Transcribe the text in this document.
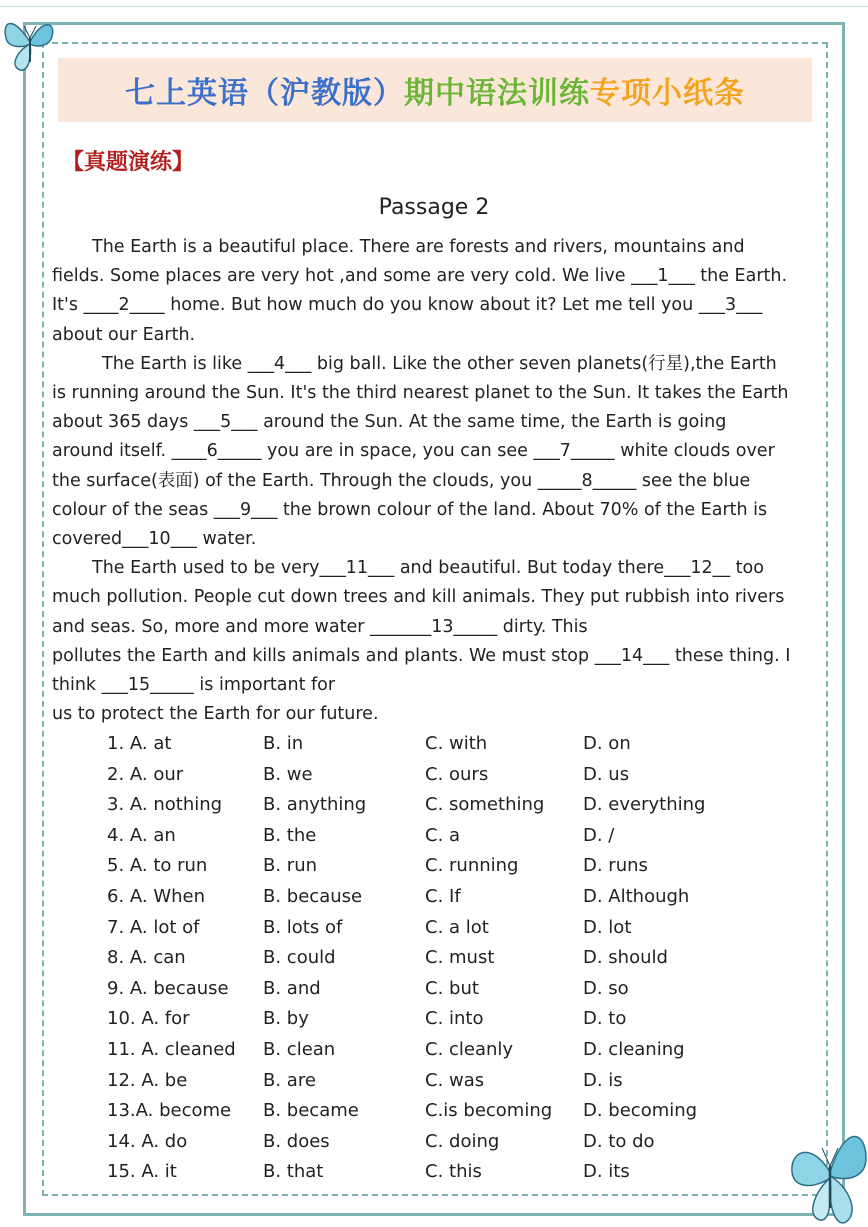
七上英语（沪教版） 期中语法训练 专项小纸条
【真题演练】
Passage 2

The Earth is a beautiful place. There are forests and rivers, mountains and

fields. Some places are very hot ,and some are very cold. We live ___1___ the Earth.

It's ____2____ home. But how much do you know about it? Let me tell you ___3___

about our Earth.

The Earth is like ___4___ big ball. Like the other seven planets(行星),the Earth

is running around the Sun. It's the third nearest planet to the Sun. It takes the Earth

about 365 days ___5___ around the Sun. At the same time, the Earth is going

around itself. ____6_____ you are in space, you can see ___7_____ white clouds over

the surface(表面) of the Earth. Through the clouds, you _____8_____ see the blue

colour of the seas ___9___ the brown colour of the land. About 70% of the Earth is

covered___10___ water.

The Earth used to be very___11___ and beautiful. But today there___12__ too

much pollution. People cut down trees and kill animals. They put rubbish into rivers

and seas. So, more and more water _______13_____ dirty. This

pollutes the Earth and kills animals and plants. We must stop ___14___ these thing. I

think ___15_____ is important for

us to protect the Earth for our future.

1. A. at	B. in	C. with	D. on
2. A. our	B. we	C. ours	D. us
3. A. nothing B. anything	C. something D. everything
4. A. an	B. the	C. a	D. /
5. A. to run	B. run	C. running	D. runs
6. A. When	B. because	C. If	D. Although
7. A. lot of	B. lots of	C. a lot	D. lot
8. A. can	B. could	C. must	D. should
9. A. because B. and	C. but	D. so
10. A. for	B. by	C. into	D. to
11. A. cleaned B. clean	C. cleanly	D. cleaning
12. A. be	B. are	C. was	D. is
13.A. become B. became	C.is becoming D. becoming
14. A. do	B. does	C. doing	D. to do
15. A. it	B. that	C. this	D. its
